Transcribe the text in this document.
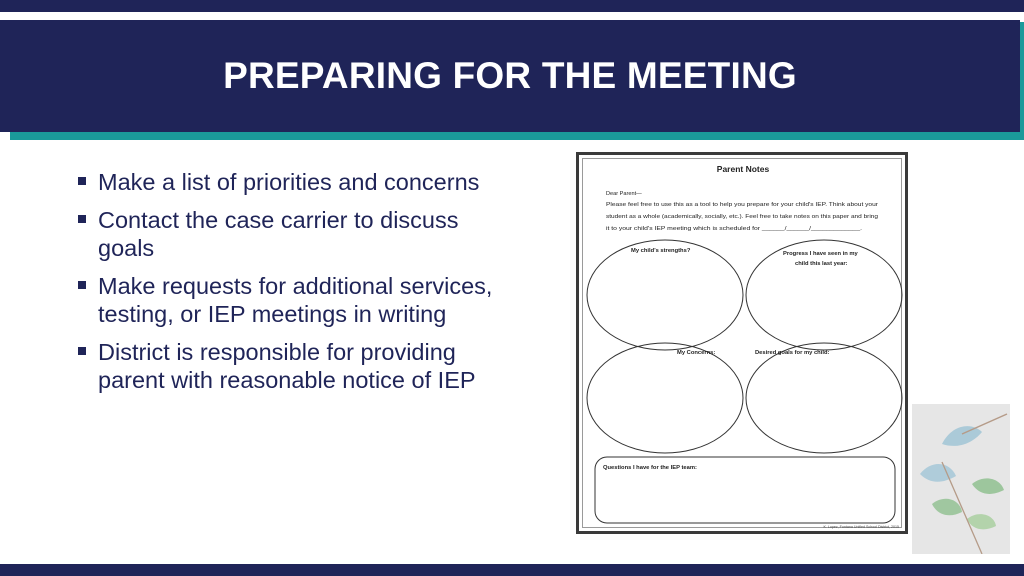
PREPARING FOR THE MEETING
Make a list of priorities and concerns
Contact the case carrier to discuss goals
Make requests for additional services, testing, or IEP meetings in writing
District is responsible for providing parent with reasonable notice of IEP
Parent Notes
Dear Parent—
Please feel free to use this as a tool to help you prepare for your child's IEP. Think about your
student as a whole (academically, socially, etc.). Feel free to take notes on this paper and bring
it to your child's IEP meeting which is scheduled for ______/______/_____________.
My child's strengths?	Progress I have seen in my
child this last year:
My Concerns:	Desired goals for my child:
Questions I have for the IEP team:
K. Lopez, Fontana Unified School District, 2015
